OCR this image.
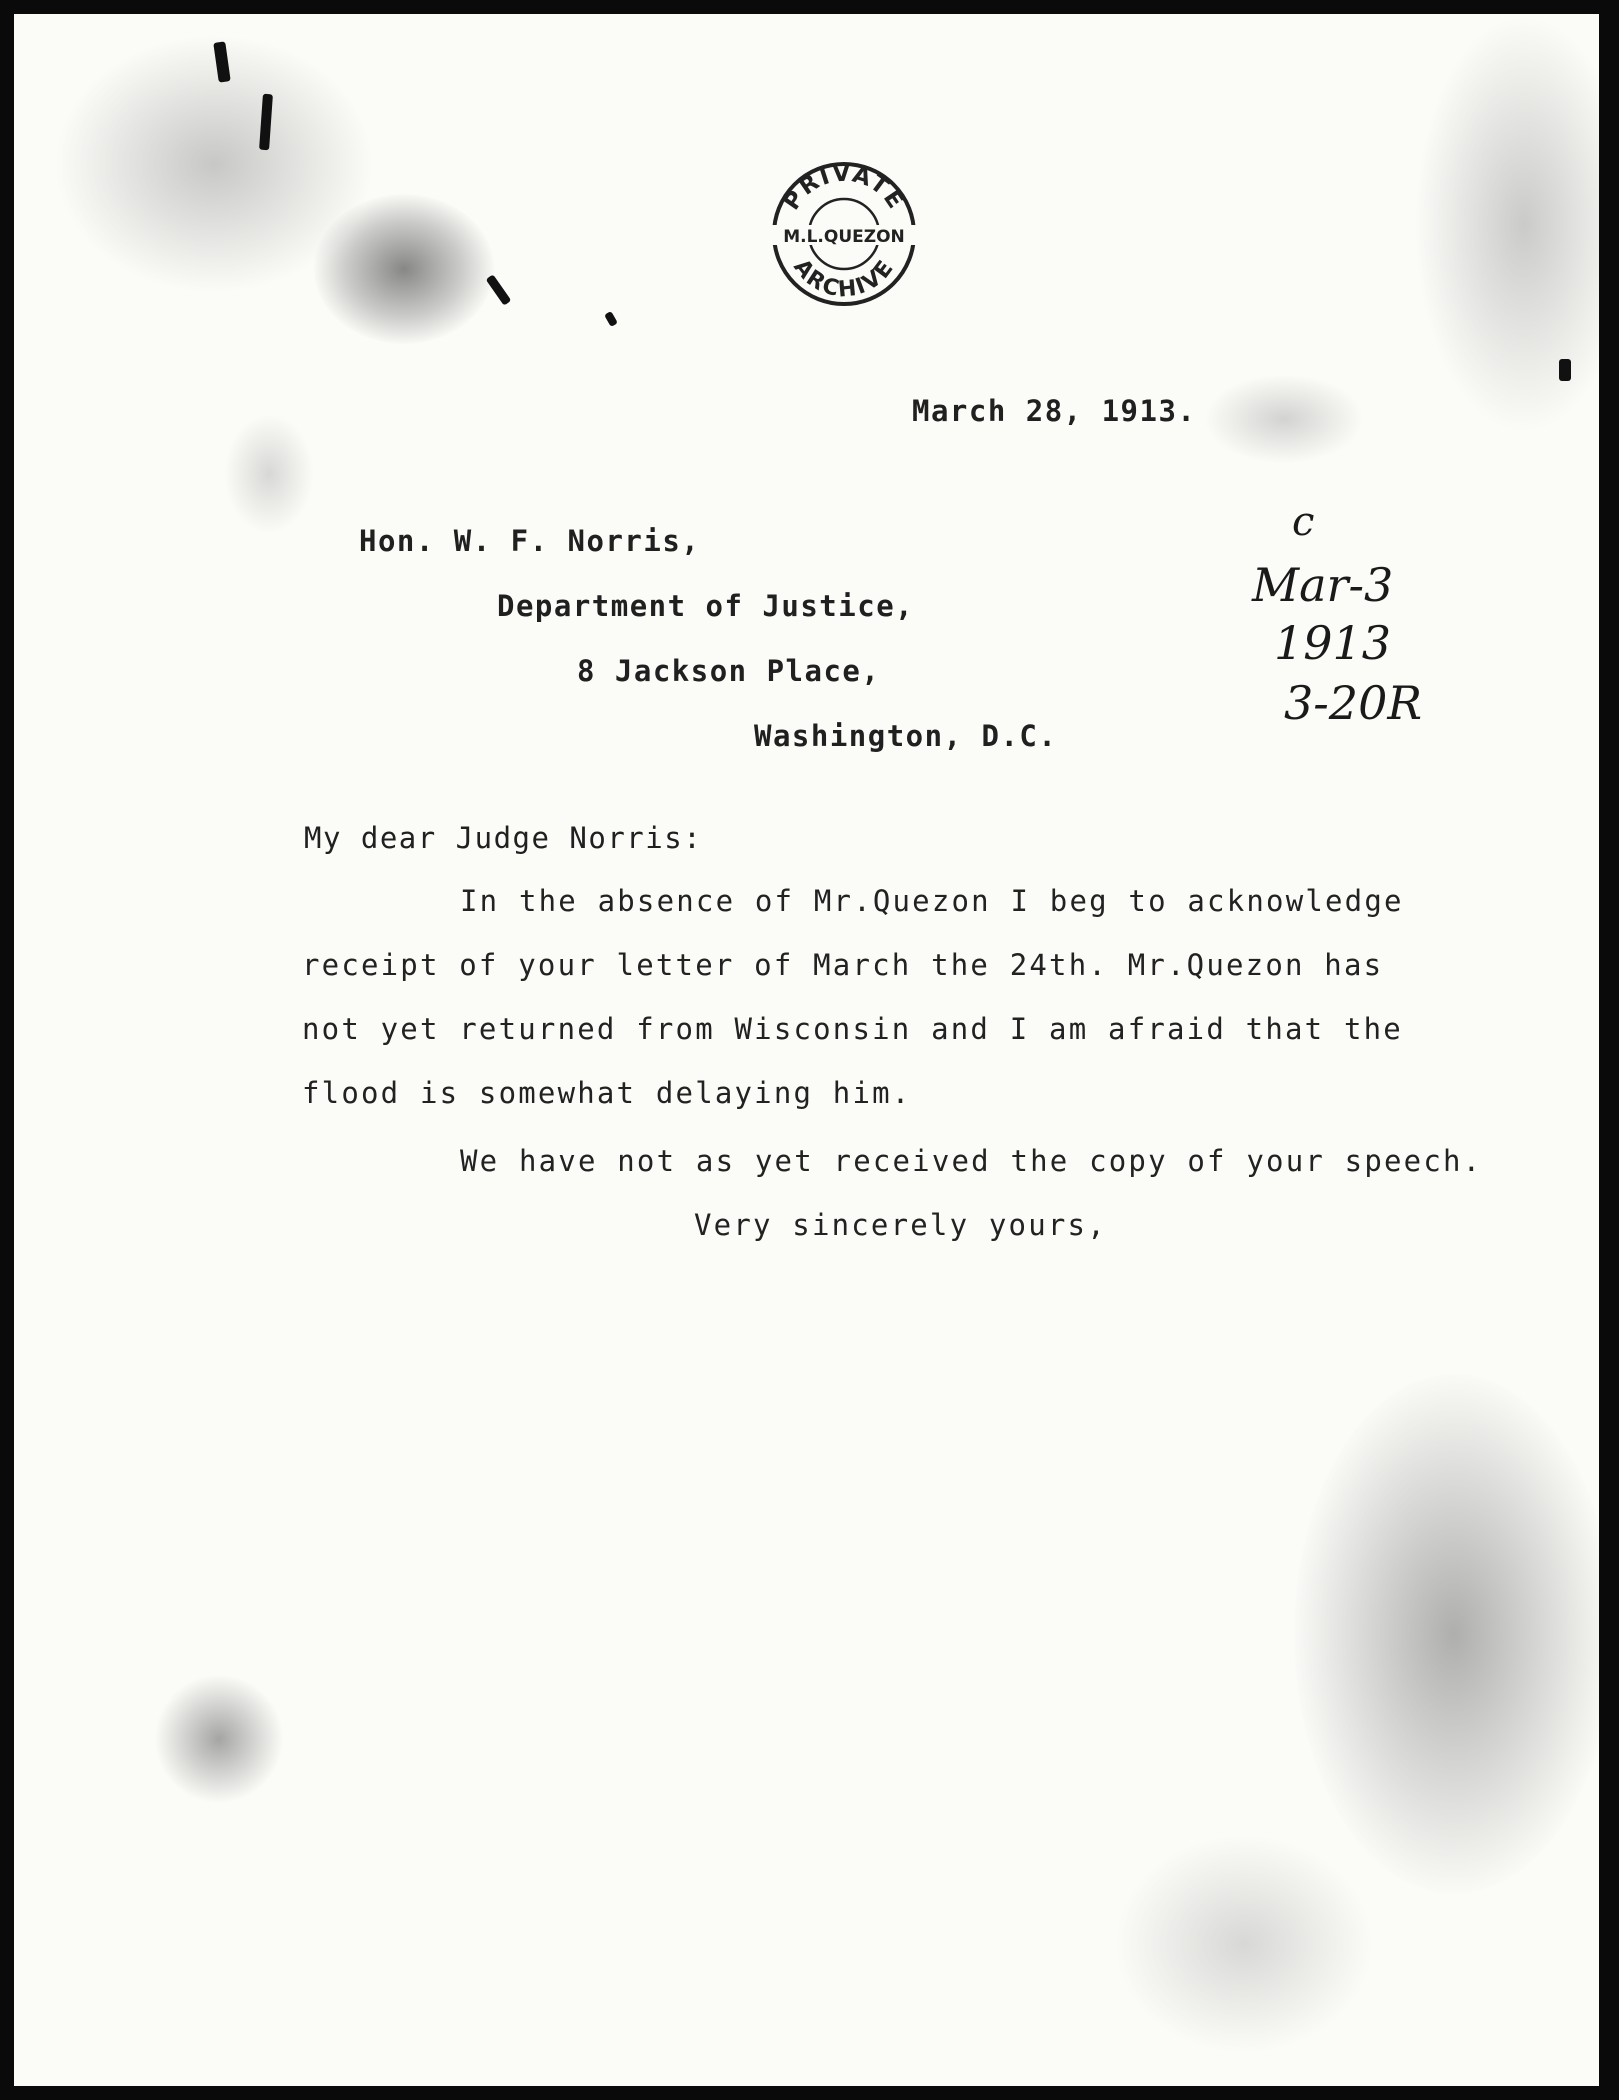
PRIVATE
M.L.QUEZON
ARCHIVE
March 28, 1913.
Hon. W. F. Norris,
Department of Justice,
8 Jackson Place,
Washington, D.C.
My dear Judge Norris:
In the absence of Mr.Quezon I beg to acknowledge
receipt of your letter of March the 24th. Mr.Quezon has
not yet returned from Wisconsin and I am afraid that the
flood is somewhat delaying him.
We have not as yet received the copy of your speech.
Very sincerely yours,
c
Mar-3
1913
3-20R
